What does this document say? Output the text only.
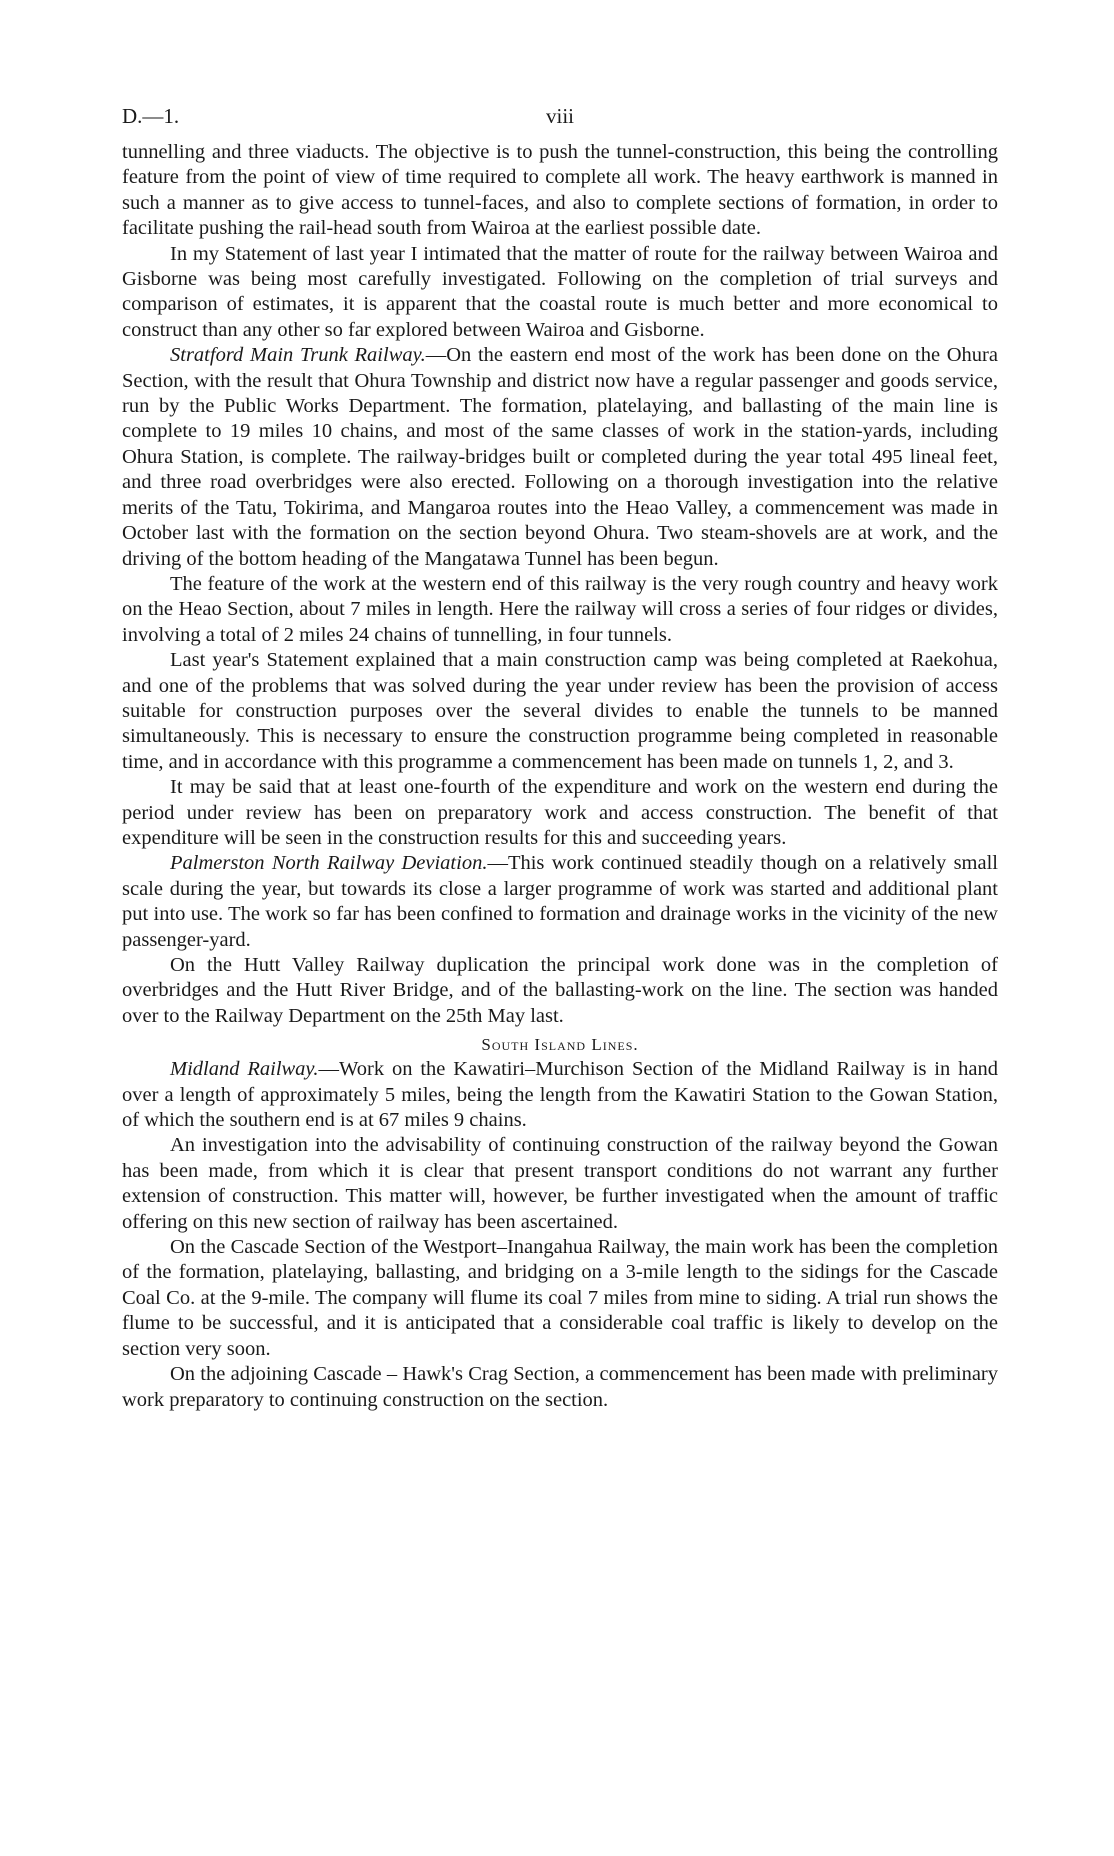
D.—1.	viii

tunnelling and three viaducts. The objective is to push the tunnel-construction, this being the controlling feature from the point of view of time required to complete all work. The heavy earthwork is manned in such a manner as to give access to tunnel-faces, and also to complete sections of formation, in order to facilitate pushing the rail-head south from Wairoa at the earliest possible date.

In my Statement of last year I intimated that the matter of route for the railway between Wairoa and Gisborne was being most carefully investigated. Following on the completion of trial surveys and comparison of estimates, it is apparent that the coastal route is much better and more economical to construct than any other so far explored between Wairoa and Gisborne.

Stratford Main Trunk Railway.—On the eastern end most of the work has been done on the Ohura Section, with the result that Ohura Township and district now have a regular passenger and goods service, run by the Public Works Department. The formation, platelaying, and ballasting of the main line is complete to 19 miles 10 chains, and most of the same classes of work in the station-yards, including Ohura Station, is complete. The railway-bridges built or completed during the year total 495 lineal feet, and three road overbridges were also erected. Following on a thorough investigation into the relative merits of the Tatu, Tokirima, and Mangaroa routes into the Heao Valley, a commencement was made in October last with the formation on the section beyond Ohura. Two steam-shovels are at work, and the driving of the bottom heading of the Mangatawa Tunnel has been begun.

The feature of the work at the western end of this railway is the very rough country and heavy work on the Heao Section, about 7 miles in length. Here the railway will cross a series of four ridges or divides, involving a total of 2 miles 24 chains of tunnelling, in four tunnels.

Last year's Statement explained that a main construction camp was being completed at Raekohua, and one of the problems that was solved during the year under review has been the provision of access suitable for construction purposes over the several divides to enable the tunnels to be manned simultaneously. This is necessary to ensure the construction programme being completed in reasonable time, and in accordance with this programme a commencement has been made on tunnels 1, 2, and 3.

It may be said that at least one-fourth of the expenditure and work on the western end during the period under review has been on preparatory work and access construction. The benefit of that expenditure will be seen in the construction results for this and succeeding years.

Palmerston North Railway Deviation.—This work continued steadily though on a relatively small scale during the year, but towards its close a larger programme of work was started and additional plant put into use. The work so far has been confined to formation and drainage works in the vicinity of the new passenger-yard.

On the Hutt Valley Railway duplication the principal work done was in the completion of overbridges and the Hutt River Bridge, and of the ballasting-work on the line. The section was handed over to the Railway Department on the 25th May last.

South Island Lines.

Midland Railway.—Work on the Kawatiri–Murchison Section of the Midland Railway is in hand over a length of approximately 5 miles, being the length from the Kawatiri Station to the Gowan Station, of which the southern end is at 67 miles 9 chains.

An investigation into the advisability of continuing construction of the railway beyond the Gowan has been made, from which it is clear that present transport conditions do not warrant any further extension of construction. This matter will, however, be further investigated when the amount of traffic offering on this new section of railway has been ascertained.

On the Cascade Section of the Westport–Inangahua Railway, the main work has been the completion of the formation, platelaying, ballasting, and bridging on a 3-mile length to the sidings for the Cascade Coal Co. at the 9-mile. The company will flume its coal 7 miles from mine to siding. A trial run shows the flume to be successful, and it is anticipated that a considerable coal traffic is likely to develop on the section very soon.

On the adjoining Cascade – Hawk's Crag Section, a commencement has been made with preliminary work preparatory to continuing construction on the section.
